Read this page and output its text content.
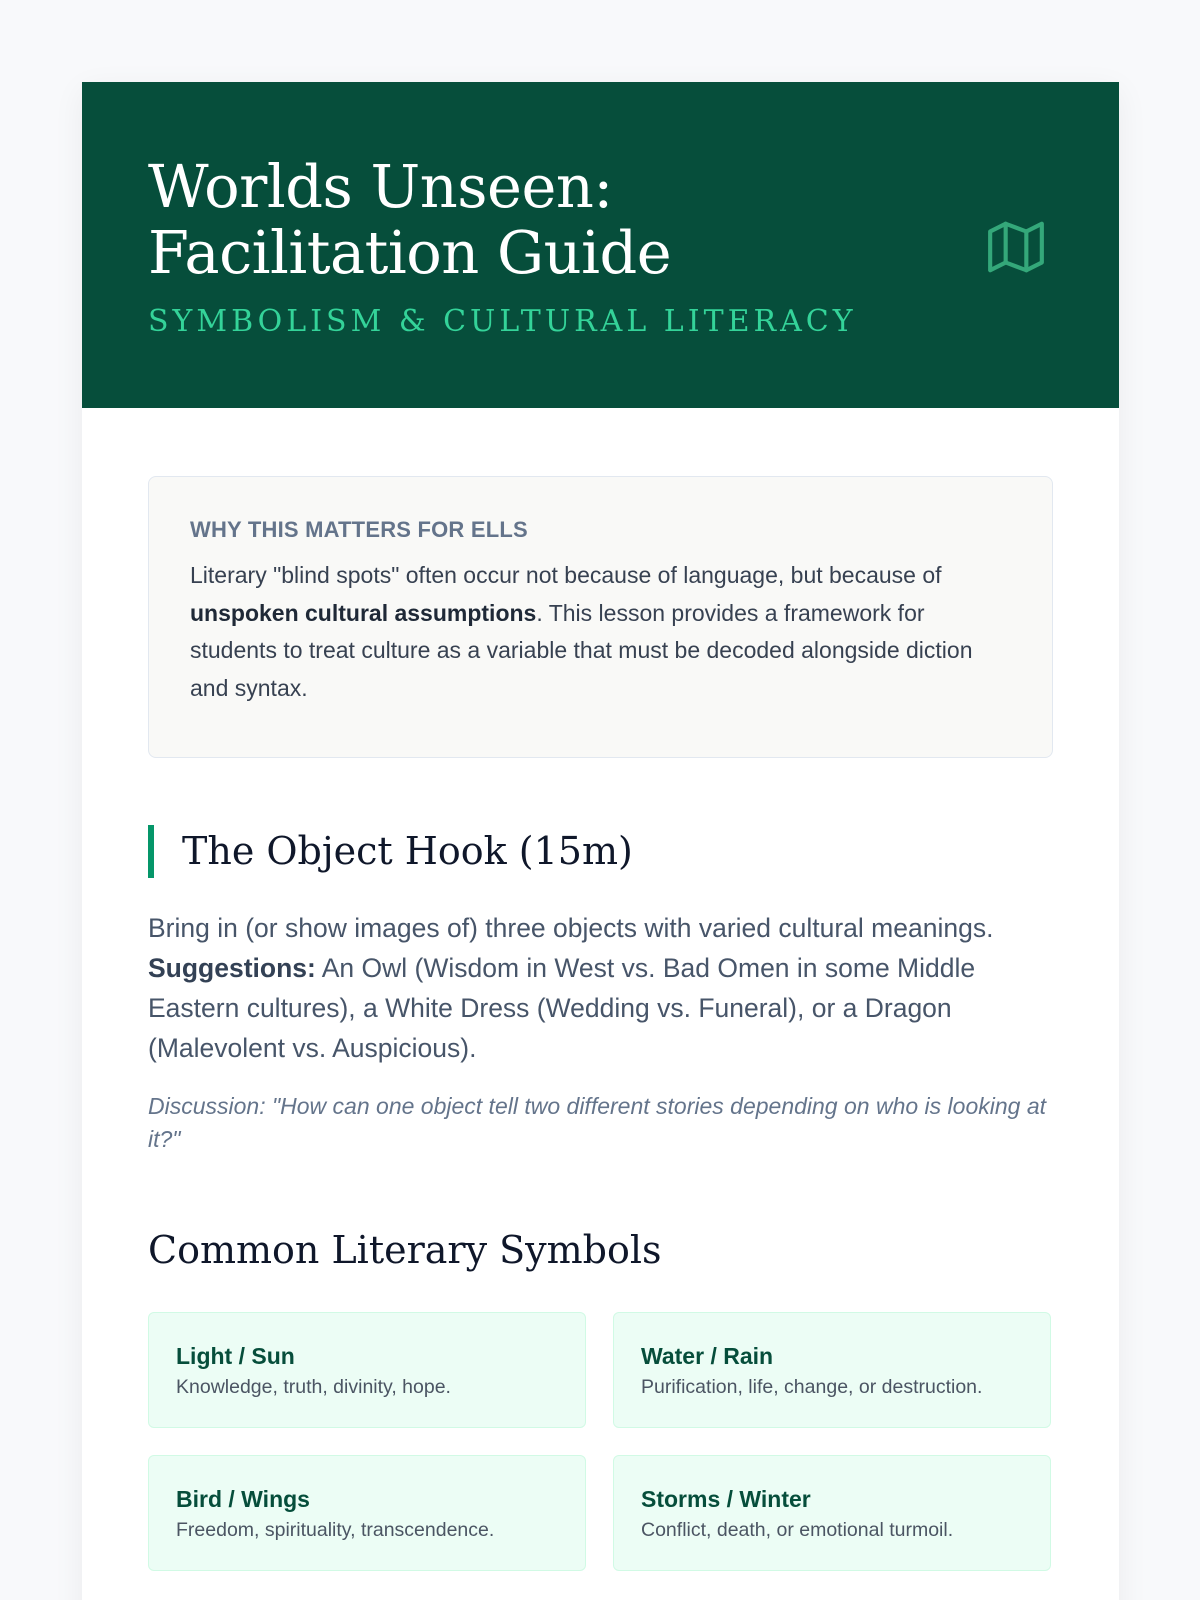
Worlds Unseen: Facilitation Guide
SYMBOLISM & CULTURAL LITERACY
WHY THIS MATTERS FOR ELLS

Literary "blind spots" often occur not because of language, but because of unspoken cultural assumptions. This lesson provides a framework for students to treat culture as a variable that must be decoded alongside diction and syntax.

The Object Hook (15m)

Bring in (or show images of) three objects with varied cultural meanings.
Suggestions: An Owl (Wisdom in West vs. Bad Omen in some Middle Eastern cultures), a White Dress (Wedding vs. Funeral), or a Dragon (Malevolent vs. Auspicious).

Discussion: "How can one object tell two different stories depending on who is looking at it?"

Common Literary Symbols
Light / Sun
Knowledge, truth, divinity, hope.
Water / Rain
Purification, life, change, or destruction.
Bird / Wings
Freedom, spirituality, transcendence.
Storms / Winter
Conflict, death, or emotional turmoil.
